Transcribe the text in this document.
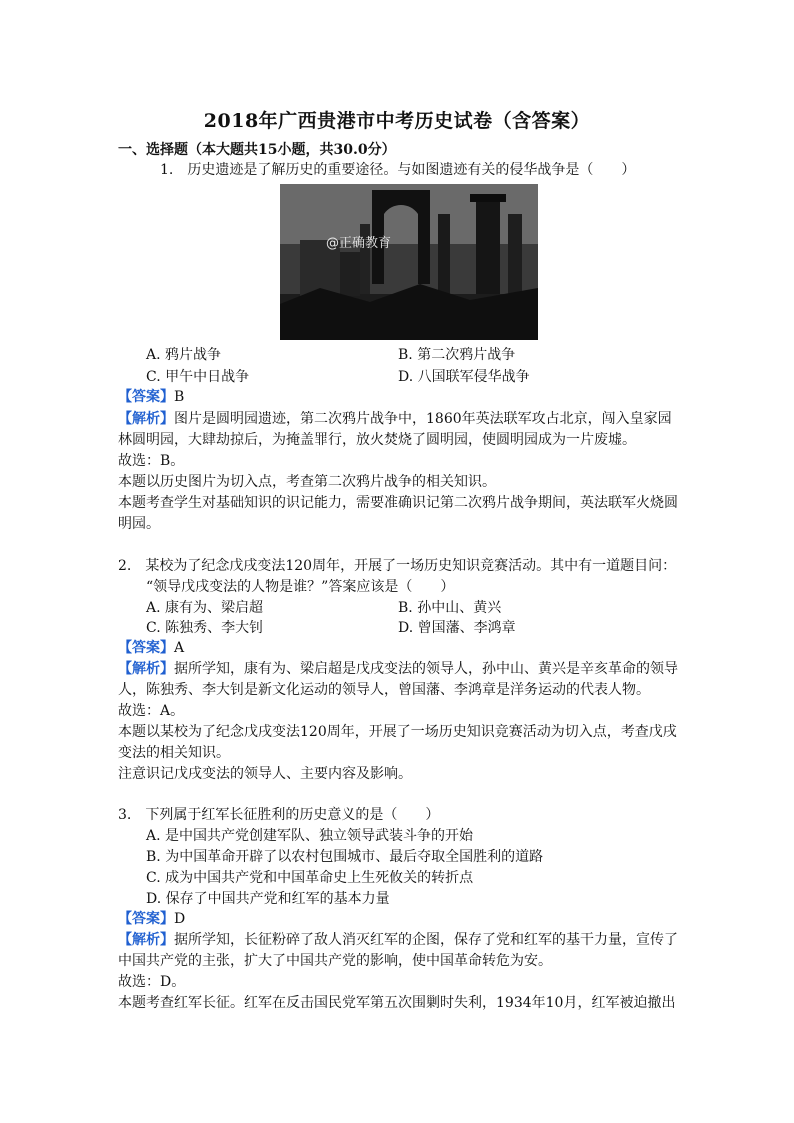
2018年广西贵港市中考历史试卷（含答案）
一、选择题（本大题共15小题，共30.0分）
1.　历史遗迹是了解历史的重要途径。与如图遗迹有关的侵华战争是（　　）
@正确教育
A. 鸦片战争	B. 第二次鸦片战争
C. 甲午中日战争	D. 八国联军侵华战争
【答案】B
【解析】图片是圆明园遗迹，第二次鸦片战争中，1860年英法联军攻占北京，闯入皇家园
林圆明园，大肆劫掠后，为掩盖罪行，放火焚烧了圆明园，使圆明园成为一片废墟。
故选：B。
本题以历史图片为切入点，考查第二次鸦片战争的相关知识。
本题考查学生对基础知识的识记能力，需要准确识记第二次鸦片战争期间，英法联军火烧圆
明园。
2.　某校为了纪念戊戌变法120周年，开展了一场历史知识竞赛活动。其中有一道题目问：
“领导戊戌变法的人物是谁？”答案应该是（　　）
A. 康有为、梁启超	B. 孙中山、黄兴
C. 陈独秀、李大钊	D. 曾国藩、李鸿章
【答案】A
【解析】据所学知，康有为、梁启超是戊戌变法的领导人，孙中山、黄兴是辛亥革命的领导
人，陈独秀、李大钊是新文化运动的领导人，曾国藩、李鸿章是洋务运动的代表人物。
故选：A。
本题以某校为了纪念戊戌变法120周年，开展了一场历史知识竞赛活动为切入点，考查戊戌
变法的相关知识。
注意识记戊戌变法的领导人、主要内容及影响。
3.　下列属于红军长征胜利的历史意义的是（　　）
A. 是中国共产党创建军队、独立领导武装斗争的开始
B. 为中国革命开辟了以农村包围城市、最后夺取全国胜利的道路
C. 成为中国共产党和中国革命史上生死攸关的转折点
D. 保存了中国共产党和红军的基本力量
【答案】D
【解析】据所学知，长征粉碎了敌人消灭红军的企图，保存了党和红军的基干力量，宣传了
中国共产党的主张，扩大了中国共产党的影响，使中国革命转危为安。
故选：D。
本题考查红军长征。红军在反击国民党军第五次围剿时失利，1934年10月，红军被迫撤出
